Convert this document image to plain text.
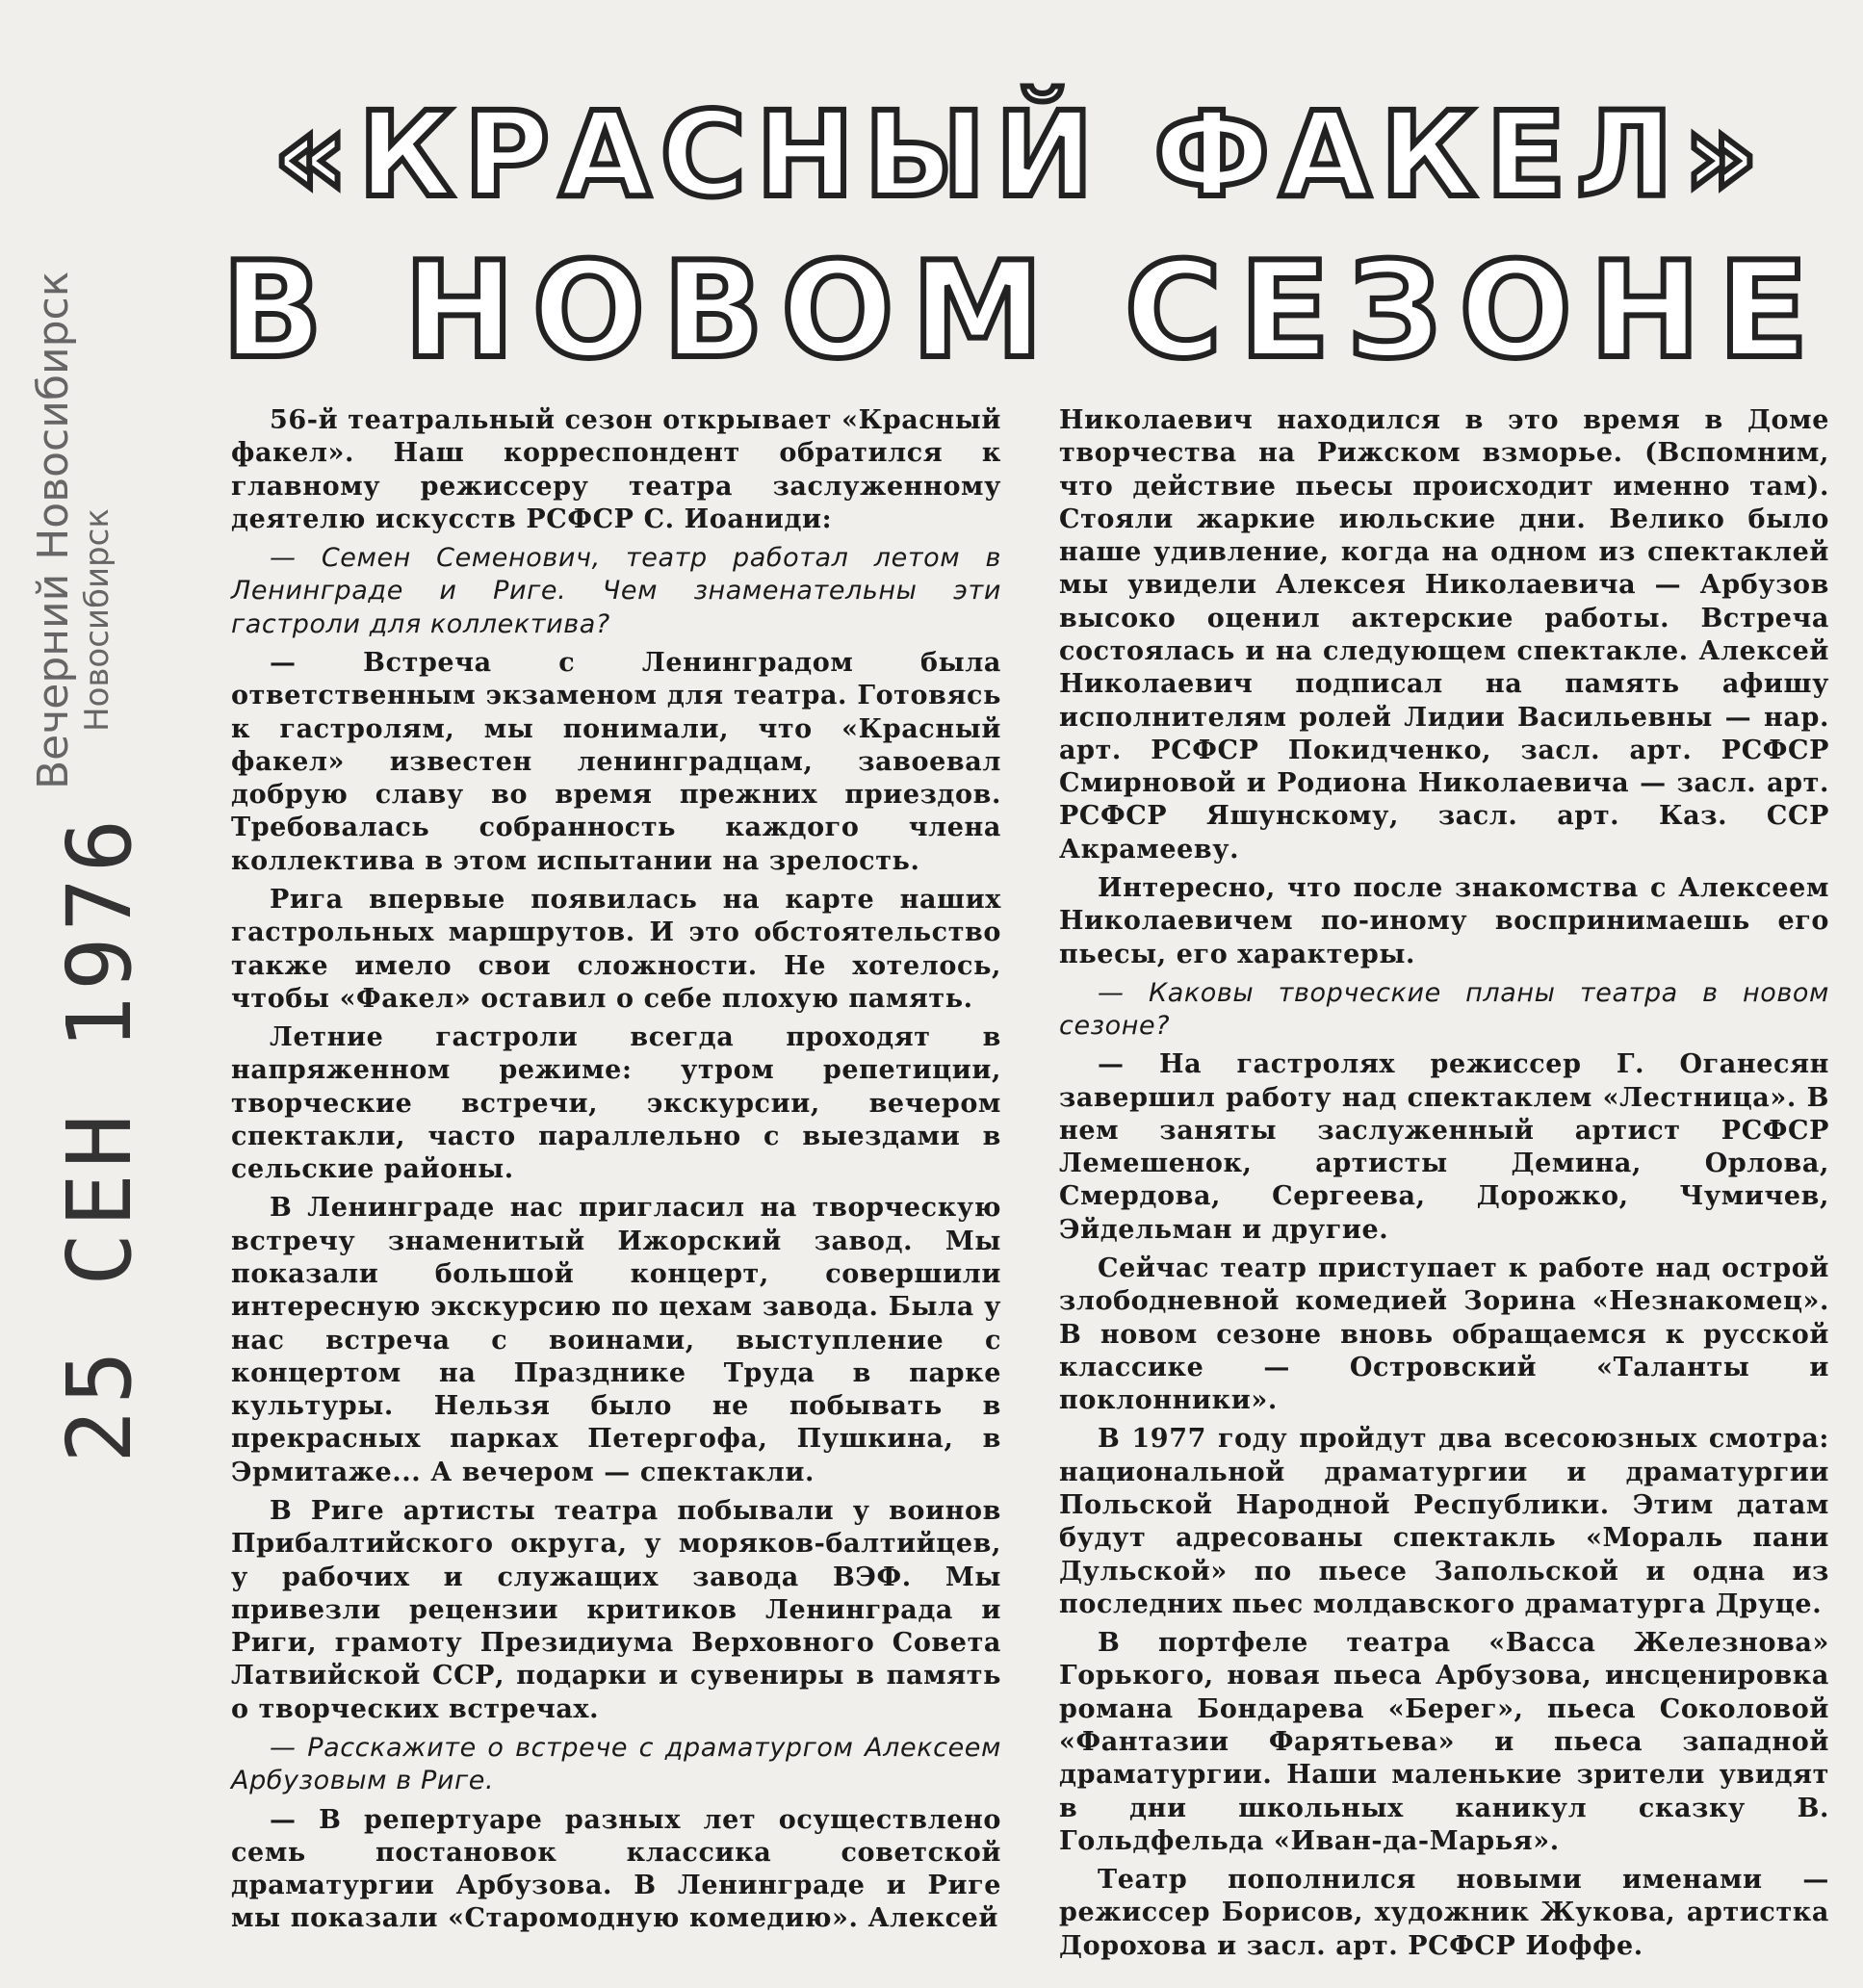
«КРАСНЫЙ ФАКЕЛ»
В НОВОМ СЕЗОНЕ
Вечерний Новосибирск Новосибирск
25 СЕН 1976

56-й театральный сезон открывает «Красный факел». Наш корреспондент обратился к главному режиссеру театра заслуженному деятелю искусств РСФСР С. Иоаниди:

— Семен Семенович, театр работал летом в Ленинграде и Риге. Чем знаменательны эти гастроли для коллектива?

— Встреча с Ленинградом была ответственным экзаменом для театра. Готовясь к гастролям, мы понимали, что «Красный факел» известен ленинградцам, завоевал добрую славу во время прежних приездов. Требовалась собранность каждого члена коллектива в этом испытании на зрелость.

Рига впервые появилась на карте наших гастрольных маршрутов. И это обстоятельство также имело свои сложности. Не хотелось, чтобы «Факел» оставил о себе плохую память.

Летние гастроли всегда проходят в напряженном режиме: утром репетиции, творческие встречи, экскурсии, вечером спектакли, часто параллельно с выездами в сельские районы.

В Ленинграде нас пригласил на творческую встречу знаменитый Ижорский завод. Мы показали большой концерт, совершили интересную экскурсию по цехам завода. Была у нас встреча с воинами, выступление с концертом на Празднике Труда в парке культуры. Нельзя было не побывать в прекрасных парках Петергофа, Пушкина, в Эрмитаже... А вечером — спектакли.

В Риге артисты театра побывали у воинов Прибалтийского округа, у моряков-балтийцев, у рабочих и служащих завода ВЭФ. Мы привезли рецензии критиков Ленинграда и Риги, грамоту Президиума Верховного Совета Латвийской ССР, подарки и сувениры в память о творческих встречах.

— Расскажите о встрече с драматургом Алексеем Арбузовым в Риге.

— В репертуаре разных лет осуществлено семь постановок классика советской драматургии Арбузова. В Ленинграде и Риге мы показали «Старомодную комедию». Алексей

Николаевич находился в это время в Доме творчества на Рижском взморье. (Вспомним, что действие пьесы происходит именно там). Стояли жаркие июльские дни. Велико было наше удивление, когда на одном из спектаклей мы увидели Алексея Николаевича — Арбузов высоко оценил актерские работы. Встреча состоялась и на следующем спектакле. Алексей Николаевич подписал на память афишу исполнителям ролей Лидии Васильевны — нар. арт. РСФСР Покидченко, засл. арт. РСФСР Смирновой и Родиона Николаевича — засл. арт. РСФСР Яшунскому, засл. арт. Каз. ССР Акрамееву.

Интересно, что после знакомства с Алексеем Николаевичем по-иному воспринимаешь его пьесы, его характеры.

— Каковы творческие планы театра в новом сезоне?

— На гастролях режиссер Г. Оганесян завершил работу над спектаклем «Лестница». В нем заняты заслуженный артист РСФСР Лемешенок, артисты Демина, Орлова, Смердова, Сергеева, Дорожко, Чумичев, Эйдельман и другие.

Сейчас театр приступает к работе над острой злободневной комедией Зорина «Незнакомец». В новом сезоне вновь обращаемся к русской классике — Островский «Таланты и поклонники».

В 1977 году пройдут два всесоюзных смотра: национальной драматургии и драматургии Польской Народной Республики. Этим датам будут адресованы спектакль «Мораль пани Дульской» по пьесе Запольской и одна из последних пьес молдавского драматурга Друце.

В портфеле театра «Васса Железнова» Горького, новая пьеса Арбузова, инсценировка романа Бондарева «Берег», пьеса Соколовой «Фантазии Фарятьева» и пьеса западной драматургии. Наши маленькие зрители увидят в дни школьных каникул сказку В. Гольдфельда «Иван-да-Марья».

Театр пополнился новыми именами — режиссер Борисов, художник Жукова, артистка Дорохова и засл. арт. РСФСР Иоффе.
